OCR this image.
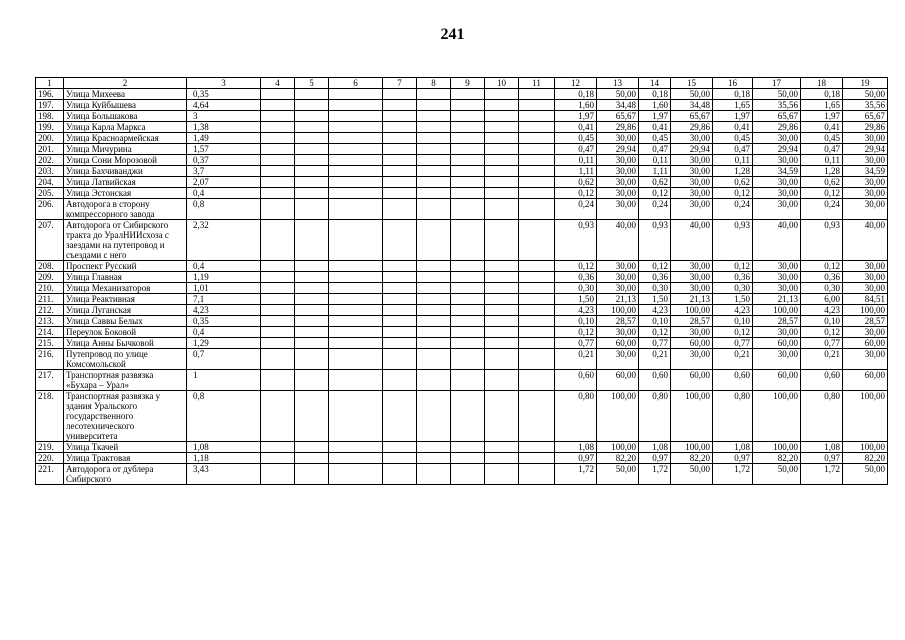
241
1	2	3	4	5	6	7	8	9	10	11	12	13	14	15	16	17	18	19
196.	Улица Михеева	0,35									0,18	50,00	0,18	50,00	0,18	50,00	0,18	50,00
197.	Улица Куйбышева	4,64									1,60	34,48	1,60	34,48	1,65	35,56	1,65	35,56
198.	Улица Большакова	3									1,97	65,67	1,97	65,67	1,97	65,67	1,97	65,67
199.	Улица Карла Маркса	1,38									0,41	29,86	0,41	29,86	0,41	29,86	0,41	29,86
200.	Улица Красноармейская	1,49									0,45	30,00	0,45	30,00	0,45	30,00	0,45	30,00
201.	Улица Мичурина	1,57									0,47	29,94	0,47	29,94	0,47	29,94	0,47	29,94
202.	Улица Сони Морозовой	0,37									0,11	30,00	0,11	30,00	0,11	30,00	0,11	30,00
203.	Улица Бахчиванджи	3,7									1,11	30,00	1,11	30,00	1,28	34,59	1,28	34,59
204.	Улица Латвийская	2,07									0,62	30,00	0,62	30,00	0,62	30,00	0,62	30,00
205.	Улица Эстонская	0,4									0,12	30,00	0,12	30,00	0,12	30,00	0,12	30,00
206.	Автодорога в сторону компрессорного завода	0,8									0,24	30,00	0,24	30,00	0,24	30,00	0,24	30,00
207.	Автодорога от Сибирского тракта до УралНИИсхоза с заездами на путепровод и съездами с него	2,32									0,93	40,00	0,93	40,00	0,93	40,00	0,93	40,00
208.	Проспект Русский	0,4									0,12	30,00	0,12	30,00	0,12	30,00	0,12	30,00
209.	Улица Главная	1,19									0,36	30,00	0,36	30,00	0,36	30,00	0,36	30,00
210.	Улица Механизаторов	1,01									0,30	30,00	0,30	30,00	0,30	30,00	0,30	30,00
211.	Улица Реактивная	7,1									1,50	21,13	1,50	21,13	1,50	21,13	6,00	84,51
212.	Улица Луганская	4,23									4,23	100,00	4,23	100,00	4,23	100,00	4,23	100,00
213.	Улица Саввы Белых	0,35									0,10	28,57	0,10	28,57	0,10	28,57	0,10	28,57
214.	Переулок Боковой	0,4									0,12	30,00	0,12	30,00	0,12	30,00	0,12	30,00
215.	Улица Анны Бычковой	1,29									0,77	60,00	0,77	60,00	0,77	60,00	0,77	60,00
216.	Путепровод по улице Комсомольской	0,7									0,21	30,00	0,21	30,00	0,21	30,00	0,21	30,00
217.	Транспортная развязка «Бухара – Урал»	1									0,60	60,00	0,60	60,00	0,60	60,00	0,60	60,00
218.	Транспортная развязка у здания Уральского государственного лесотехнического университета	0,8									0,80	100,00	0,80	100,00	0,80	100,00	0,80	100,00
219.	Улица Ткачей	1,08									1,08	100,00	1,08	100,00	1,08	100,00	1,08	100,00
220.	Улица Трактовая	1,18									0,97	82,20	0,97	82,20	0,97	82,20	0,97	82,20
221.	Автодорога от дублера Сибирского	3,43									1,72	50,00	1,72	50,00	1,72	50,00	1,72	50,00
